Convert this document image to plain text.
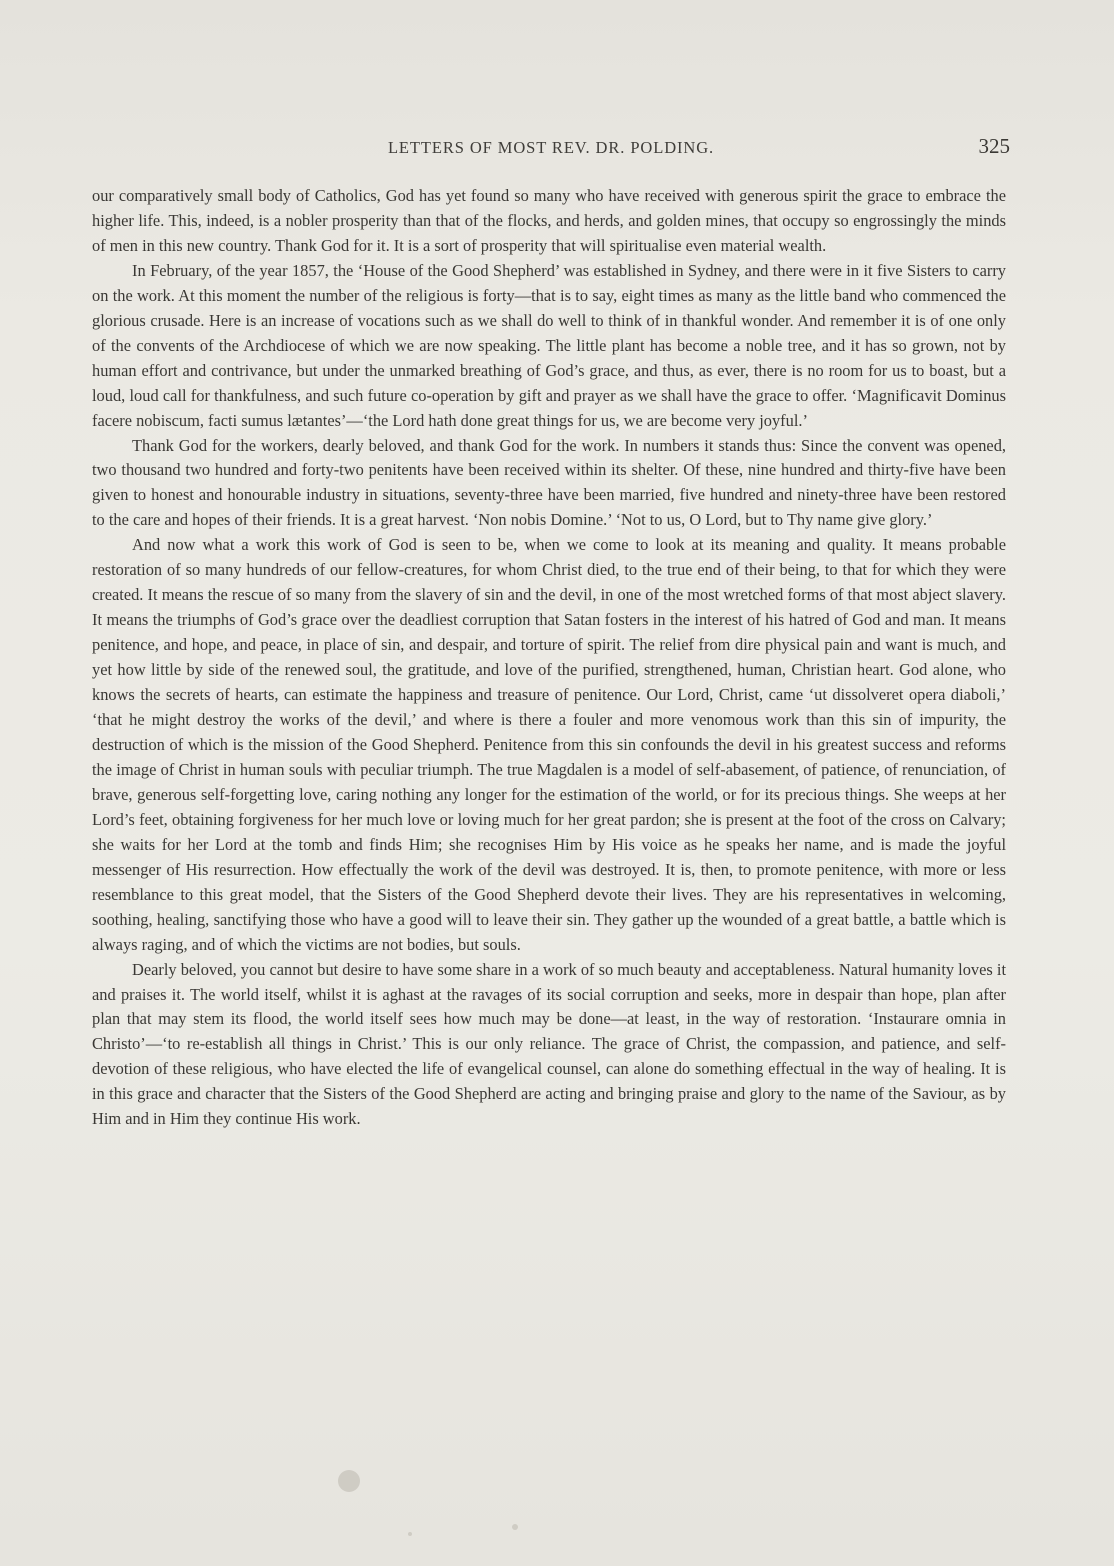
LETTERS OF MOST REV. DR. POLDING.	325

our comparatively small body of Catholics, God has yet found so many who have received with generous spirit the grace to embrace the higher life. This, indeed, is a nobler prosperity than that of the flocks, and herds, and golden mines, that occupy so engrossingly the minds of men in this new country. Thank God for it. It is a sort of prosperity that will spiritualise even material wealth.

In February, of the year 1857, the ‘House of the Good Shepherd’ was established in Sydney, and there were in it five Sisters to carry on the work. At this moment the number of the religious is forty—that is to say, eight times as many as the little band who commenced the glorious crusade. Here is an increase of vocations such as we shall do well to think of in thankful wonder. And remember it is of one only of the convents of the Archdiocese of which we are now speaking. The little plant has become a noble tree, and it has so grown, not by human effort and contrivance, but under the unmarked breathing of God’s grace, and thus, as ever, there is no room for us to boast, but a loud, loud call for thankfulness, and such future co-operation by gift and prayer as we shall have the grace to offer. ‘Magnificavit Dominus facere nobiscum, facti sumus lætantes’—‘the Lord hath done great things for us, we are become very joyful.’

Thank God for the workers, dearly beloved, and thank God for the work. In numbers it stands thus: Since the convent was opened, two thousand two hundred and forty-two penitents have been received within its shelter. Of these, nine hundred and thirty-five have been given to honest and honourable industry in situations, seventy-three have been married, five hundred and ninety-three have been restored to the care and hopes of their friends. It is a great harvest. ‘Non nobis Domine.’ ‘Not to us, O Lord, but to Thy name give glory.’

And now what a work this work of God is seen to be, when we come to look at its meaning and quality. It means probable restoration of so many hundreds of our fellow-creatures, for whom Christ died, to the true end of their being, to that for which they were created. It means the rescue of so many from the slavery of sin and the devil, in one of the most wretched forms of that most abject slavery. It means the triumphs of God’s grace over the deadliest corruption that Satan fosters in the interest of his hatred of God and man. It means penitence, and hope, and peace, in place of sin, and despair, and torture of spirit. The relief from dire physical pain and want is much, and yet how little by side of the renewed soul, the gratitude, and love of the purified, strengthened, human, Christian heart. God alone, who knows the secrets of hearts, can estimate the happiness and treasure of penitence. Our Lord, Christ, came ‘ut dissolveret opera diaboli,’ ‘that he might destroy the works of the devil,’ and where is there a fouler and more venomous work than this sin of impurity, the destruction of which is the mission of the Good Shepherd. Penitence from this sin confounds the devil in his greatest success and reforms the image of Christ in human souls with peculiar triumph. The true Magdalen is a model of self-abasement, of patience, of renunciation, of brave, generous self-forgetting love, caring nothing any longer for the estimation of the world, or for its precious things. She weeps at her Lord’s feet, obtaining forgiveness for her much love or loving much for her great pardon; she is present at the foot of the cross on Calvary; she waits for her Lord at the tomb and finds Him; she recognises Him by His voice as he speaks her name, and is made the joyful messenger of His resurrection. How effectually the work of the devil was destroyed. It is, then, to promote penitence, with more or less resemblance to this great model, that the Sisters of the Good Shepherd devote their lives. They are his representatives in welcoming, soothing, healing, sanctifying those who have a good will to leave their sin. They gather up the wounded of a great battle, a battle which is always raging, and of which the victims are not bodies, but souls.

Dearly beloved, you cannot but desire to have some share in a work of so much beauty and acceptableness. Natural humanity loves it and praises it. The world itself, whilst it is aghast at the ravages of its social corruption and seeks, more in despair than hope, plan after plan that may stem its flood, the world itself sees how much may be done—at least, in the way of restoration. ‘Instaurare omnia in Christo’—‘to re-establish all things in Christ.’ This is our only reliance. The grace of Christ, the compassion, and patience, and self-devotion of these religious, who have elected the life of evangelical counsel, can alone do something effectual in the way of healing. It is in this grace and character that the Sisters of the Good Shepherd are acting and bringing praise and glory to the name of the Saviour, as by Him and in Him they continue His work.
